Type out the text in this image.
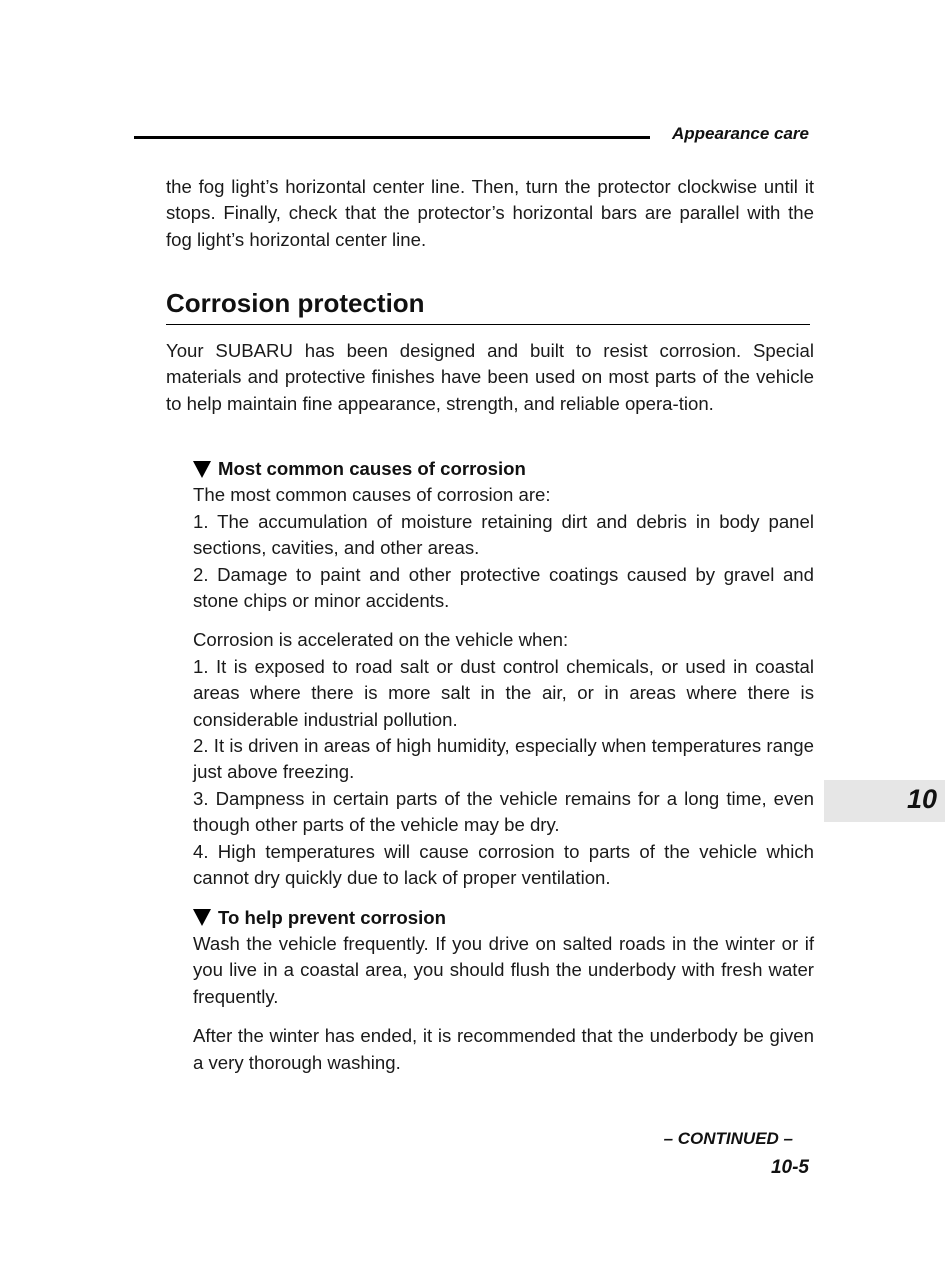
Appearance care

the fog light’s horizontal center line. Then, turn the protector clockwise until it stops. Finally, check that the protector’s horizontal bars are parallel with the fog light’s horizontal center line.

Corrosion protection

Your SUBARU has been designed and built to resist corrosion. Special materials and protective finishes have been used on most parts of the vehicle to help maintain fine appearance, strength, and reliable opera-tion.

Most common causes of corrosion

The most common causes of corrosion are:

1. The accumulation of moisture retaining dirt and debris in body panel sections, cavities, and other areas.

2. Damage to paint and other protective coatings caused by gravel and stone chips or minor accidents.

Corrosion is accelerated on the vehicle when:

1. It is exposed to road salt or dust control chemicals, or used in coastal areas where there is more salt in the air, or in areas where there is considerable industrial pollution.

2. It is driven in areas of high humidity, especially when temperatures range just above freezing.

3. Dampness in certain parts of the vehicle remains for a long time, even though other parts of the vehicle may be dry.

4. High temperatures will cause corrosion to parts of the vehicle which cannot dry quickly due to lack of proper ventilation.

To help prevent corrosion

Wash the vehicle frequently. If you drive on salted roads in the winter or if you live in a coastal area, you should flush the underbody with fresh water frequently.

After the winter has ended, it is recommended that the underbody be given a very thorough washing.

10
– CONTINUED –
10-5
